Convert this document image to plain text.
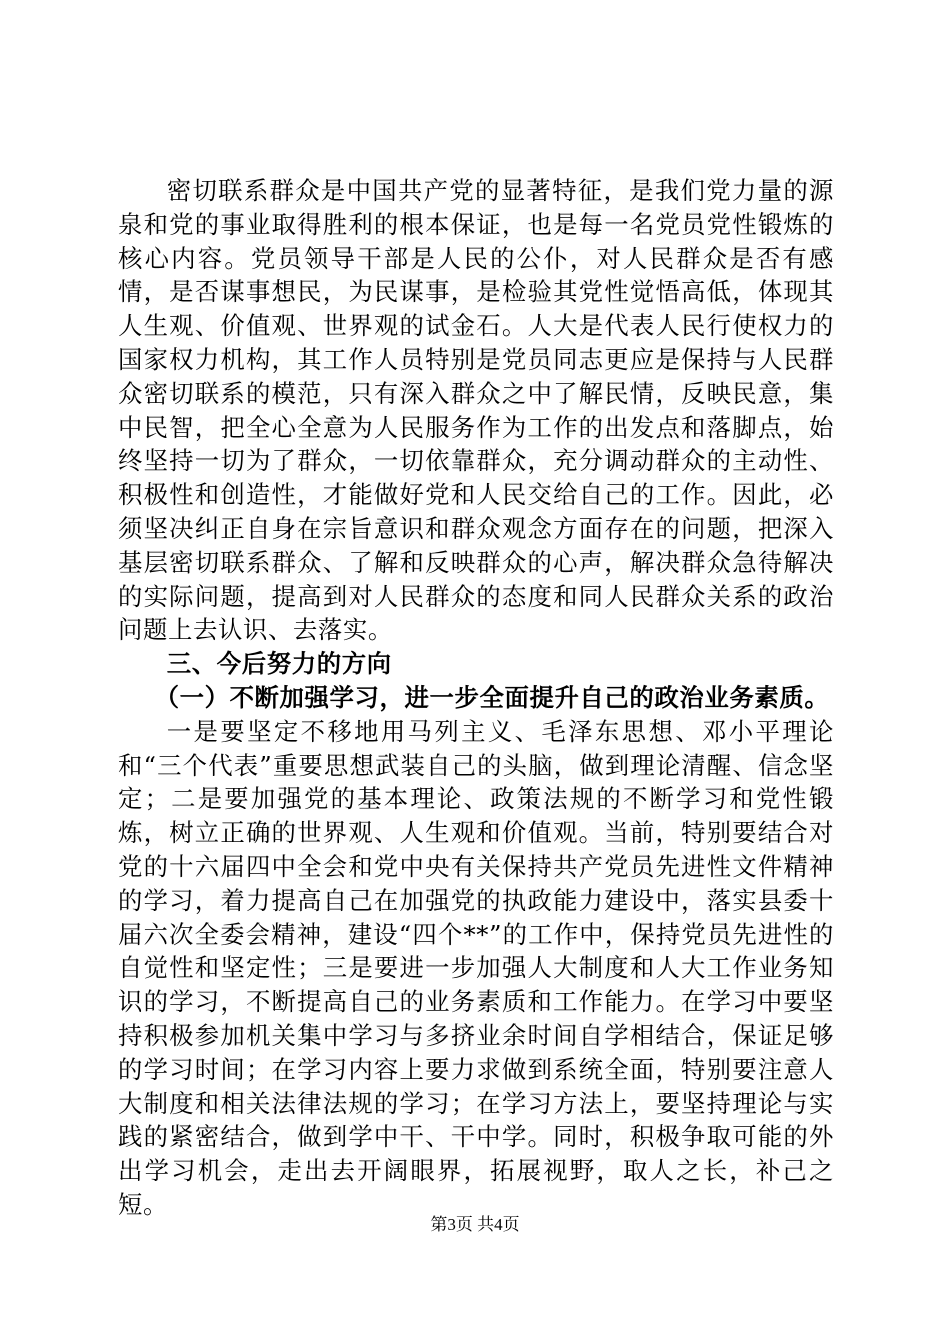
密切联系群众是中国共产党的显著特征，是我们党力量的源泉和党的事业取得胜利的根本保证，也是每一名党员党性锻炼的核心内容。党员领导干部是人民的公仆，对人民群众是否有感情，是否谋事想民，为民谋事，是检验其党性觉悟高低，体现其人生观、价值观、世界观的试金石。人大是代表人民行使权力的国家权力机构，其工作人员特别是党员同志更应是保持与人民群众密切联系的模范，只有深入群众之中了解民情，反映民意，集中民智，把全心全意为人民服务作为工作的出发点和落脚点，始终坚持一切为了群众，一切依靠群众，充分调动群众的主动性、积极性和创造性，才能做好党和人民交给自己的工作。因此，必须坚决纠正自身在宗旨意识和群众观念方面存在的问题，把深入基层密切联系群众、了解和反映群众的心声，解决群众急待解决的实际问题，提高到对人民群众的态度和同人民群众关系的政治问题上去认识、去落实。

三、今后努力的方向

（一）不断加强学习，进一步全面提升自己的政治业务素质。

一是要坚定不移地用马列主义、毛泽东思想、邓小平理论和“三个代表”重要思想武装自己的头脑，做到理论清醒、信念坚定；二是要加强党的基本理论、政策法规的不断学习和党性锻炼，树立正确的世界观、人生观和价值观。当前，特别要结合对党的十六届四中全会和党中央有关保持共产党员先进性文件精神的学习，着力提高自己在加强党的执政能力建设中，落实县委十届六次全委会精神，建设“四个**”的工作中，保持党员先进性的自觉性和坚定性；三是要进一步加强人大制度和人大工作业务知识的学习，不断提高自己的业务素质和工作能力。在学习中要坚持积极参加机关集中学习与多挤业余时间自学相结合，保证足够的学习时间；在学习内容上要力求做到系统全面，特别要注意人大制度和相关法律法规的学习；在学习方法上，要坚持理论与实践的紧密结合，做到学中干、干中学。同时，积极争取可能的外出学习机会，走出去开阔眼界，拓展视野，取人之长，补己之短。

第3页 共4页
